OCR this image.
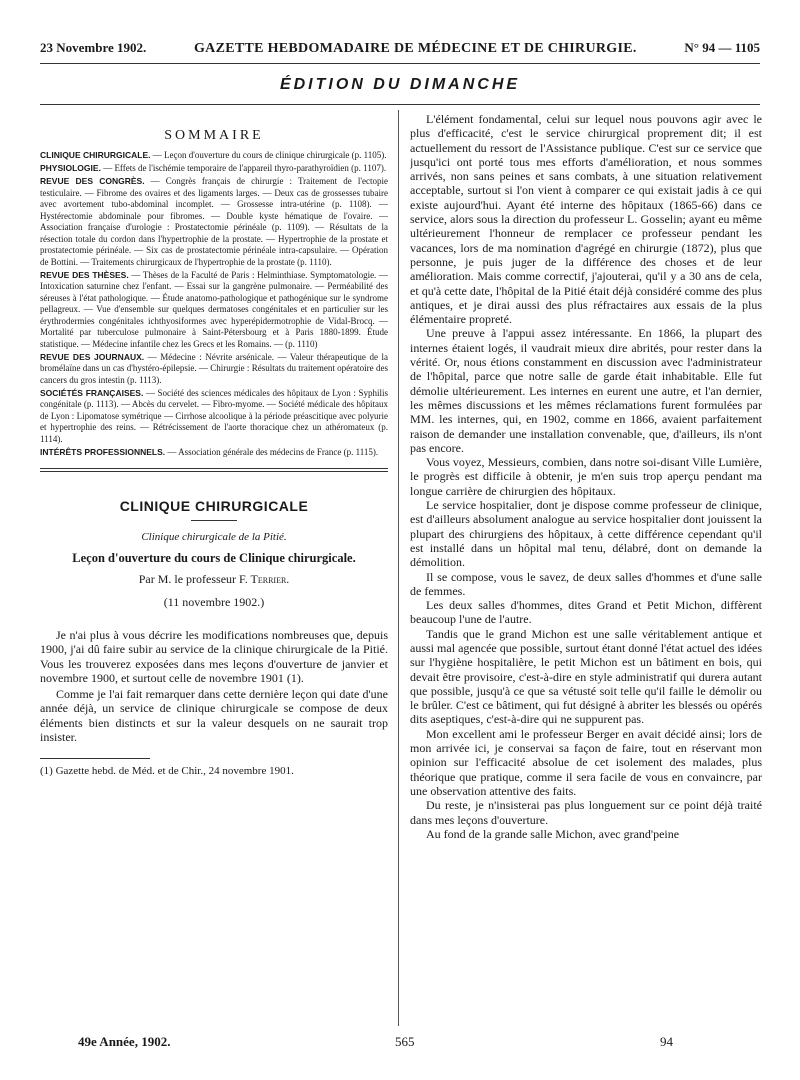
23 Novembre 1902.	GAZETTE HEBDOMADAIRE DE MÉDECINE ET DE CHIRURGIE.	N° 94 — 1105
ÉDITION DU DIMANCHE
SOMMAIRE

CLINIQUE CHIRURGICALE. — Leçon d'ouverture du cours de clinique chirurgicale (p. 1105).

PHYSIOLOGIE. — Effets de l'ischémie temporaire de l'appareil thyro-parathyroïdien (p. 1107).

REVUE DES CONGRÈS. — Congrès français de chirurgie : Traitement de l'ectopie testiculaire. — Fibrome des ovaires et des ligaments larges. — Deux cas de grossesses tubaire avec avortement tubo-abdominal incomplet. — Grossesse intra-utérine (p. 1108). — Hystérectomie abdominale pour fibromes. — Double kyste hématique de l'ovaire. — Association française d'urologie : Prostatectomie périnéale (p. 1109). — Résultats de la résection totale du cordon dans l'hypertrophie de la prostate. — Hypertrophie de la prostate et prostatectomie périnéale. — Six cas de prostatectomie périnéale intra-capsulaire. — Opération de Bottini. — Traitements chirurgicaux de l'hypertrophie de la prostate (p. 1110).

REVUE DES THÈSES. — Thèses de la Faculté de Paris : Helminthiase. Symptomatologie. — Intoxication saturnine chez l'enfant. — Essai sur la gangrène pulmonaire. — Perméabilité des séreuses à l'état pathologique. — Étude anatomo-pathologique et pathogénique sur le syndrome pellagreux. — Vue d'ensemble sur quelques dermatoses congénitales et en particulier sur les érythrodermies congénitales ichthyosiformes avec hyperépidermotrophie de Vidal-Brocq. — Mortalité par tuberculose pulmonaire à Saint-Pétersbourg et à Paris 1880-1899. Étude statistique. — Médecine infantile chez les Grecs et les Romains. — (p. 1110)

REVUE DES JOURNAUX. — Médecine : Névrite arsénicale. — Valeur thérapeutique de la bromélaïne dans un cas d'hystéro-épilepsie. — Chirurgie : Résultats du traitement opératoire des cancers du gros intestin (p. 1113).

SOCIÉTÉS FRANÇAISES. — Société des sciences médicales des hôpitaux de Lyon : Syphilis congénitale (p. 1113). — Abcès du cervelet. — Fibro-myome. — Société médicale des hôpitaux de Lyon : Lipomatose symétrique — Cirrhose alcoolique à la période préascitique avec polyurie et hypertrophie des reins. — Rétrécissement de l'aorte thoracique chez un athéromateux (p. 1114).

INTÉRÊTS PROFESSIONNELS. — Association générale des médecins de France (p. 1115).

CLINIQUE CHIRURGICALE
Clinique chirurgicale de la Pitié.
Leçon d'ouverture du cours de Clinique chirurgicale.
Par M. le professeur F. Terrier.
(11 novembre 1902.)

Je n'ai plus à vous décrire les modifications nombreuses que, depuis 1900, j'ai dû faire subir au service de la clinique chirurgicale de la Pitié. Vous les trouverez exposées dans mes leçons d'ouverture de janvier et novembre 1900, et surtout celle de novembre 1901 (1).

Comme je l'ai fait remarquer dans cette dernière leçon qui date d'une année déjà, un service de clinique chirurgicale se compose de deux éléments bien distincts et sur la valeur desquels on ne saurait trop insister.

(1) Gazette hebd. de Méd. et de Chir., 24 novembre 1901.

L'élément fondamental, celui sur lequel nous pouvons agir avec le plus d'efficacité, c'est le service chirurgical proprement dit; il est actuellement du ressort de l'Assistance publique. C'est sur ce service que jusqu'ici ont porté tous mes efforts d'amélioration, et nous sommes arrivés, non sans peines et sans combats, à une situation relativement acceptable, surtout si l'on vient à comparer ce qui existait jadis à ce qui existe aujourd'hui. Ayant été interne des hôpitaux (1865-66) dans ce service, alors sous la direction du professeur L. Gosselin; ayant eu même ultérieurement l'honneur de remplacer ce professeur pendant les vacances, lors de ma nomination d'agrégé en chirurgie (1872), plus que personne, je puis juger de la différence des choses et de leur amélioration. Mais comme correctif, j'ajouterai, qu'il y a 30 ans de cela, et qu'à cette date, l'hôpital de la Pitié était déjà considéré comme des plus antiques, et je dirai aussi des plus réfractaires aux essais de la plus élémentaire propreté.

Une preuve à l'appui assez intéressante. En 1866, la plupart des internes étaient logés, il vaudrait mieux dire abrités, pour rester dans la vérité. Or, nous étions constamment en discussion avec l'administrateur de l'hôpital, parce que notre salle de garde était inhabitable. Elle fut démolie ultérieurement. Les internes en eurent une autre, et l'an dernier, les mêmes discussions et les mêmes réclamations furent formulées par MM. les internes, qui, en 1902, comme en 1866, avaient parfaitement raison de demander une installation convenable, que, d'ailleurs, ils n'ont pas encore.

Vous voyez, Messieurs, combien, dans notre soi-disant Ville Lumière, le progrès est difficile à obtenir, je m'en suis trop aperçu pendant ma longue carrière de chirurgien des hôpitaux.

Le service hospitalier, dont je dispose comme professeur de clinique, est d'ailleurs absolument analogue au service hospitalier dont jouissent la plupart des chirurgiens des hôpitaux, à cette différence cependant qu'il est installé dans un hôpital mal tenu, délabré, dont on demande la démolition.

Il se compose, vous le savez, de deux salles d'hommes et d'une salle de femmes.

Les deux salles d'hommes, dites Grand et Petit Michon, diffèrent beaucoup l'une de l'autre.

Tandis que le grand Michon est une salle véritablement antique et aussi mal agencée que possible, surtout étant donné l'état actuel des idées sur l'hygiène hospitalière, le petit Michon est un bâtiment en bois, qui devait être provisoire, c'est-à-dire en style administratif qui durera autant que possible, jusqu'à ce que sa vétusté soit telle qu'il faille le démolir ou le brûler. C'est ce bâtiment, qui fut désigné à abriter les blessés ou opérés dits aseptiques, c'est-à-dire qui ne suppurent pas.

Mon excellent ami le professeur Berger en avait décidé ainsi; lors de mon arrivée ici, je conservai sa façon de faire, tout en réservant mon opinion sur l'efficacité absolue de cet isolement des malades, plus théorique que pratique, comme il sera facile de vous en convaincre, par une observation attentive des faits.

Du reste, je n'insisterai pas plus longuement sur ce point déjà traité dans mes leçons d'ouverture.

Au fond de la grande salle Michon, avec grand'peine

49e Année, 1902.	565	94
